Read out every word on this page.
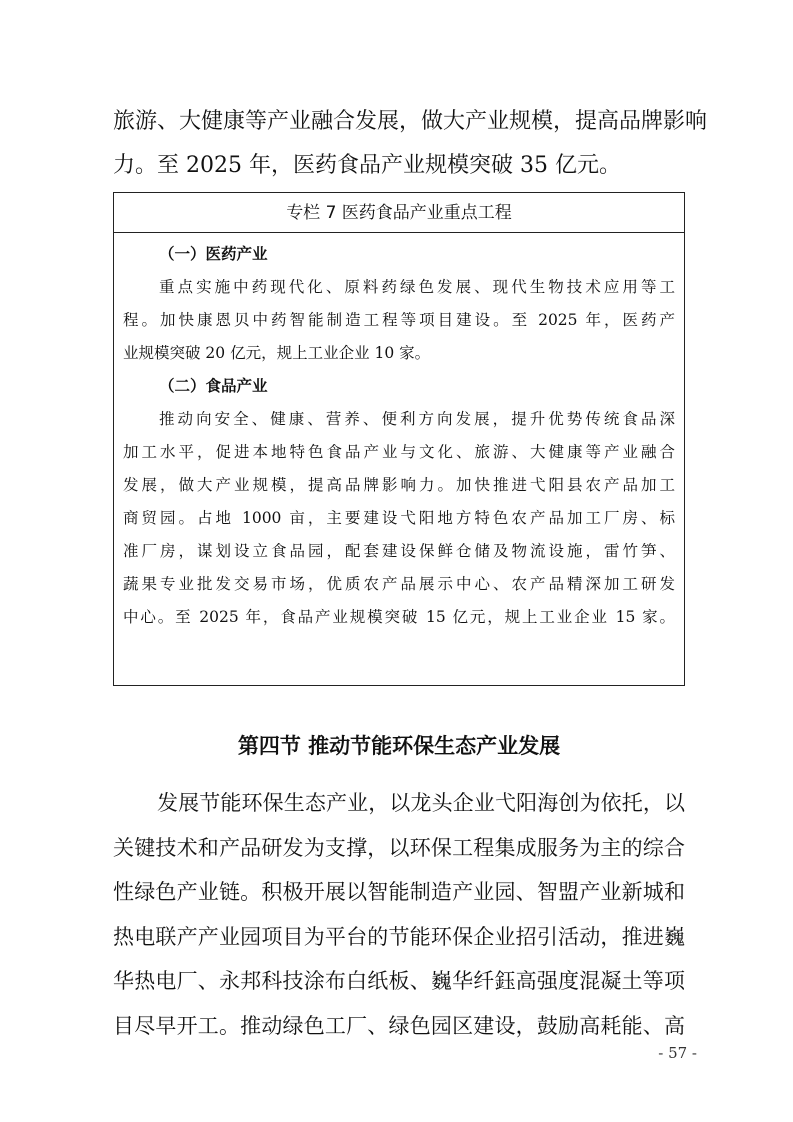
旅游、大健康等产业融合发展，做大产业规模，提高品牌影响
力。至 2025 年，医药食品产业规模突破 35 亿元。
专栏 7 医药食品产业重点工程
（一）医药产业
重点实施中药现代化、原料药绿色发展、现代生物技术应用等工
程。加快康恩贝中药智能制造工程等项目建设。至 2025 年，医药产
业规模突破 20 亿元，规上工业企业 10 家。
（二）食品产业
推动向安全、健康、营养、便利方向发展，提升优势传统食品深
加工水平，促进本地特色食品产业与文化、旅游、大健康等产业融合
发展，做大产业规模，提高品牌影响力。加快推进弋阳县农产品加工
商贸园。占地 1000 亩，主要建设弋阳地方特色农产品加工厂房、标
准厂房，谋划设立食品园，配套建设保鲜仓储及物流设施，雷竹笋、
蔬果专业批发交易市场，优质农产品展示中心、农产品精深加工研发
中心。至 2025 年，食品产业规模突破 15 亿元，规上工业企业 15 家。
第四节 推动节能环保生态产业发展
发展节能环保生态产业，以龙头企业弋阳海创为依托，以
关键技术和产品研发为支撑，以环保工程集成服务为主的综合
性绿色产业链。积极开展以智能制造产业园、智盟产业新城和
热电联产产业园项目为平台的节能环保企业招引活动，推进巍
华热电厂、永邦科技涂布白纸板、巍华纤鈺高强度混凝土等项
目尽早开工。推动绿色工厂、绿色园区建设，鼓励高耗能、高
- 57 -
